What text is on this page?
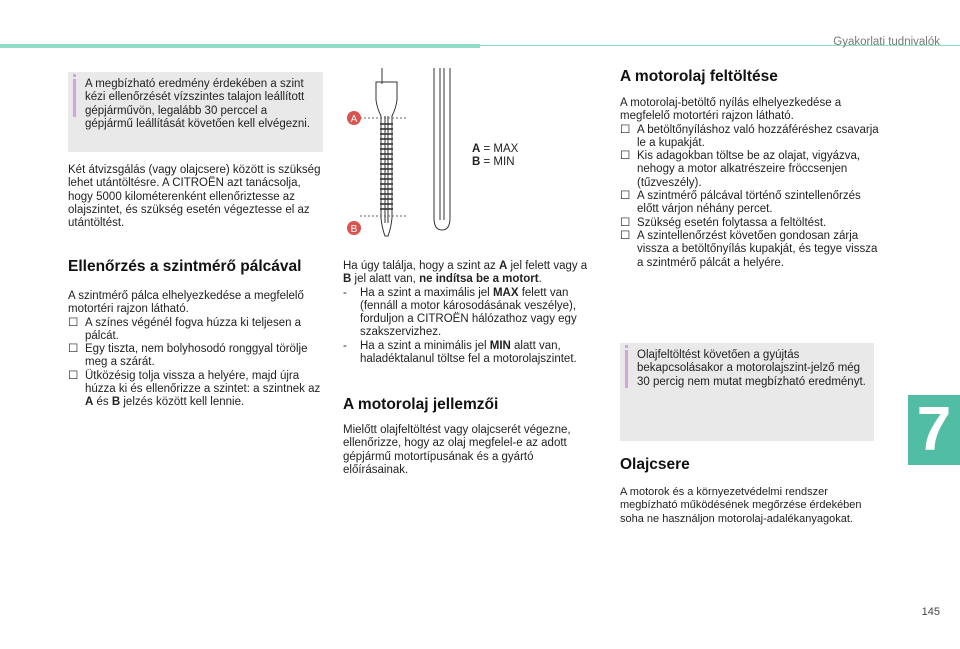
Gyakorlati tudnivalók
145
7
A megbízható eredmény érdekében a szint kézi ellenőrzését vízszintes talajon leállított gépjárművön, legalább 30 perccel a gépjármű leállítását követően kell elvégezni.
Két átvizsgálás (vagy olajcsere) között is szükség lehet utántöltésre. A CITROËN azt tanácsolja, hogy 5000 kilométerenként ellenőriztesse az olajszintet, és szükség esetén végeztesse el az utántöltést.
Ellenőrzés a szintmérő pálcával
A szintmérő pálca elhelyezkedése a megfelelő motortéri rajzon látható.
☐ A színes végénél fogva húzza ki teljesen a pálcát.
☐ Egy tiszta, nem bolyhosodó ronggyal törölje meg a szárát.
☐ Ütközésig tolja vissza a helyére, majd újra húzza ki és ellenőrizze a szintet: a szintnek az A és B jelzés között kell lennie.
A
B
A = MAX
B = MIN
Ha úgy találja, hogy a szint az A jel felett vagy a B jel alatt van, ne indítsa be a motort.
- Ha a szint a maximális jel MAX felett van (fennáll a motor károsodásának veszélye), forduljon a CITROËN hálózathoz vagy egy szakszervizhez.
- Ha a szint a minimális jel MIN alatt van, haladéktalanul töltse fel a motorolajszintet.
A motorolaj jellemzői
Mielőtt olajfeltöltést vagy olajcserét végezne, ellenőrizze, hogy az olaj megfelel-e az adott gépjármű motortípusának és a gyártó előírásainak.
A motorolaj feltöltése
A motorolaj-betöltő nyílás elhelyezkedése a megfelelő motortéri rajzon látható.
☐ A betöltőnyíláshoz való hozzáféréshez csavarja le a kupakját.
☐ Kis adagokban töltse be az olajat, vigyázva, nehogy a motor alkatrészeire fröccsenjen (tűzveszély).
☐ A szintmérő pálcával történő szintellenőrzés előtt várjon néhány percet.
☐ Szükség esetén folytassa a feltöltést.
☐ A szintellenőrzést követően gondosan zárja vissza a betöltőnyílás kupakját, és tegye vissza a szintmérő pálcát a helyére.
Olajfeltöltést követően a gyújtás bekapcsolásakor a motorolajszint-jelző még 30 percig nem mutat megbízható eredményt.
Olajcsere
A motorok és a környezetvédelmi rendszer megbízható működésének megőrzése érdekében soha ne használjon motorolaj-adalékanyagokat.
